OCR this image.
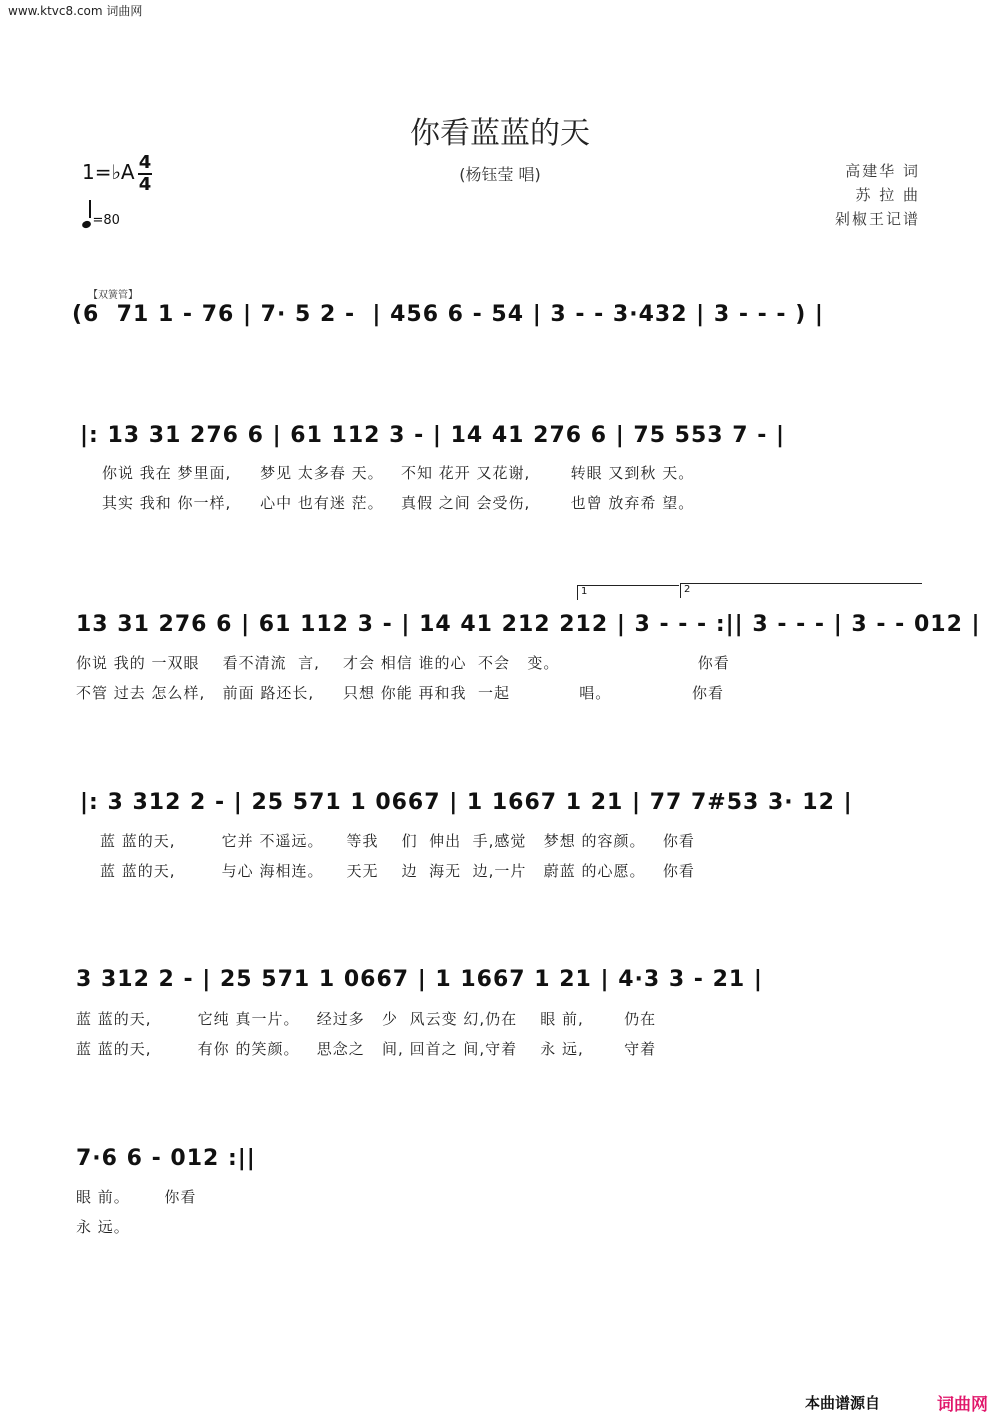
www.ktvc8.com 词曲网
你看蓝蓝的天
(杨钰莹 唱)	高建华 词
苏 拉 曲
剁椒王记谱
1=♭A 4
4
=80
【双簧管】
(6  71 1 - 76 | 7· 5 2 -  | 456 6 - 54 | 3 - - 3·432 | 3 - - - ) |
|: 13 31 276 6 | 61 112 3 - | 14 41 276 6 | 75 553 7 - |
你说 我在 梦里面,     梦见 太多春 天。   不知 花开 又花谢,       转眼 又到秋 天。
其实 我和 你一样,     心中 也有迷 茫。   真假 之间 会受伤,       也曾 放弃希 望。
1	2
13 31 276 6 | 61 112 3 - | 14 41 212 212 | 3 - - - :|| 3 - - - | 3 - - 012 |
你说 我的 一双眼    看不清流  言,    才会 相信 谁的心  不会   变。                        你看
不管 过去 怎么样,   前面 路还长,     只想 你能 再和我  一起            唱。              你看
|: 3 312 2 - | 25 571 1 0667 | 1 1667 1 21 | 77 7#53 3· 12 |
蓝 蓝的天,        它并 不遥远。    等我    们  伸出  手,感觉   梦想 的容颜。   你看
蓝 蓝的天,        与心 海相连。    天无    边  海无  边,一片   蔚蓝 的心愿。   你看
3 312 2 - | 25 571 1 0667 | 1 1667 1 21 | 4·3 3 - 21 |
蓝 蓝的天,        它纯 真一片。   经过多   少  风云变 幻,仍在    眼 前,       仍在
蓝 蓝的天,        有你 的笑颜。   思念之   间, 回首之 间,守着    永 远,       守着
7·6 6 - 012 :||
眼 前。      你看
永 远。
本曲谱源自	词曲网
